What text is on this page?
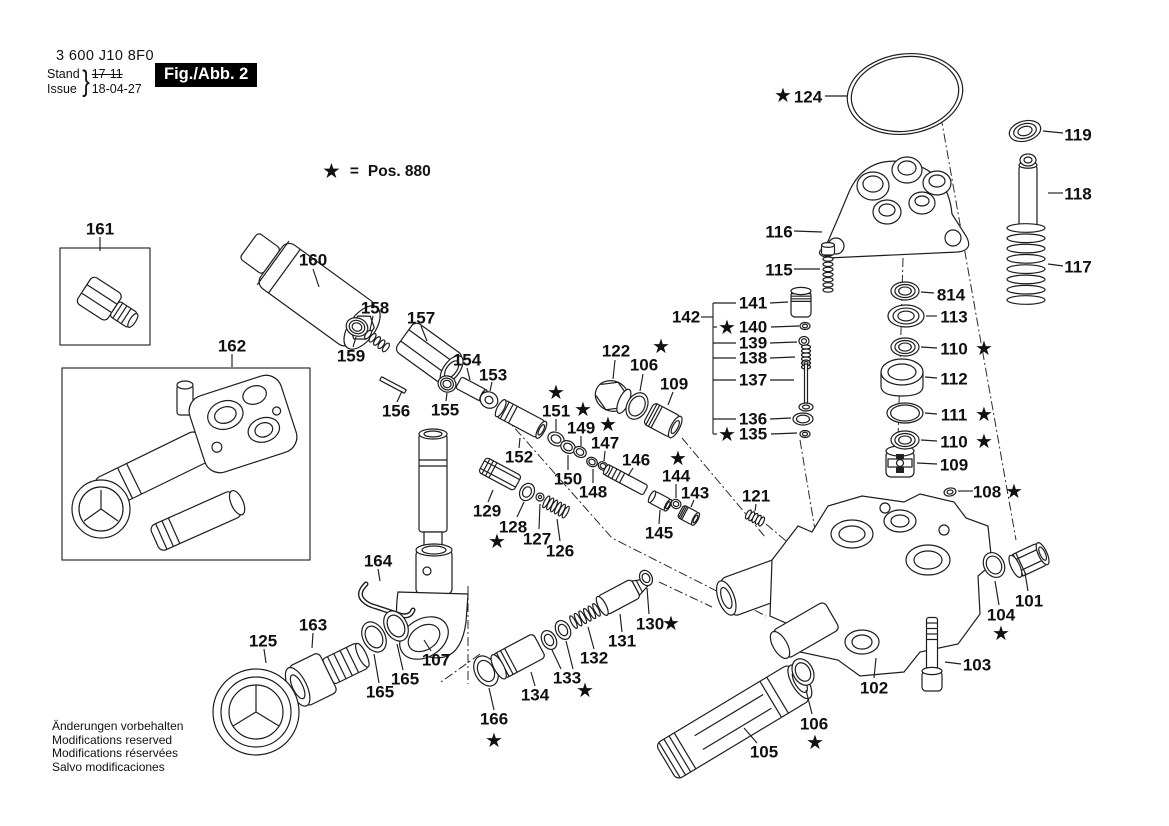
3 600 J10 8F0
Stand
Issue } 17-11
18-04-27
Fig./Abb. 2
★ = Pos. 880
Änderungen vorbehalten
Modifications reserved
Modifications réservées
Salvo modificaciones
161
162
160
158
159
157
156
154
155
153
152
151
★
150
149
★
148
147
★
146
145
144
★
143
122
106
★
109
129
128
★ 127
126
121
142
141
140
★
139
138
137
136
135
★
124
★
116
115
119
118
117
814
113
110 ★
112
111 ★
110 ★
109
108 ★
164
107
165
165
163
125
166
★
134
133
★
132
131
130
★
105
106
★
102
103
104
★
101
